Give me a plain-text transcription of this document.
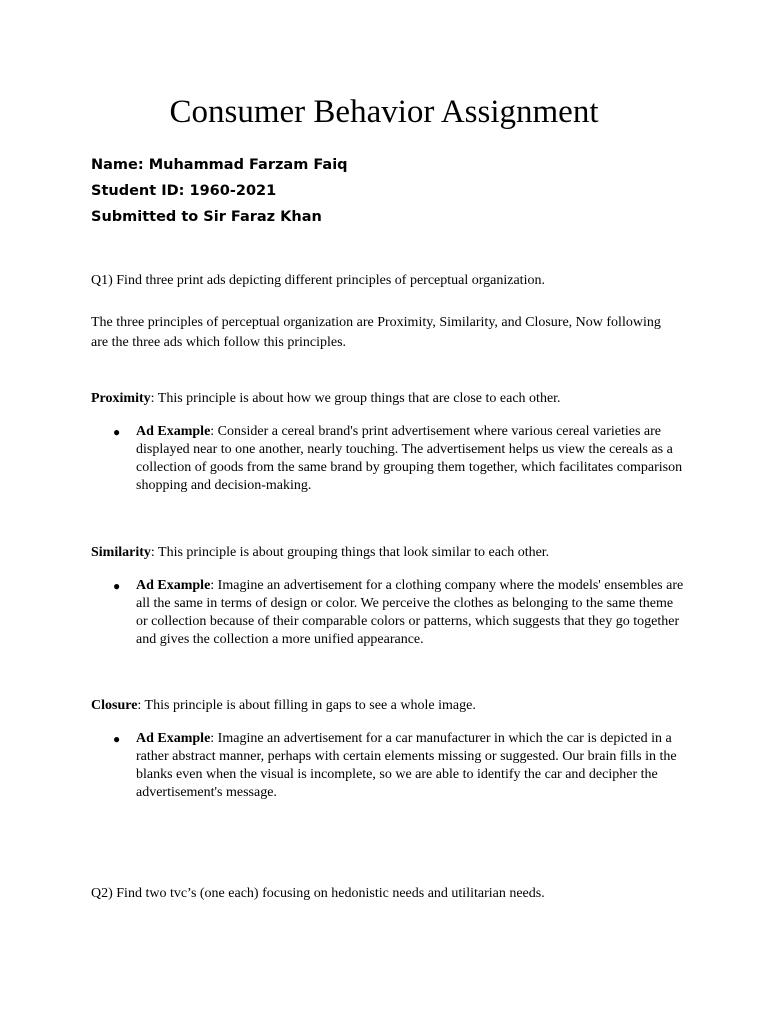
Consumer Behavior Assignment
Name: Muhammad Farzam Faiq
Student ID: 1960-2021
Submitted to Sir Faraz Khan
Q1) Find three print ads depicting different principles of perceptual organization.
The three principles of perceptual organization are Proximity, Similarity, and Closure, Now following are the three ads which follow this principles.
Proximity: This principle is about how we group things that are close to each other.
● Ad Example: Consider a cereal brand's print advertisement where various cereal varieties are displayed near to one another, nearly touching. The advertisement helps us view the cereals as a collection of goods from the same brand by grouping them together, which facilitates comparison shopping and decision-making.
Similarity: This principle is about grouping things that look similar to each other.
● Ad Example: Imagine an advertisement for a clothing company where the models' ensembles are all the same in terms of design or color. We perceive the clothes as belonging to the same theme or collection because of their comparable colors or patterns, which suggests that they go together and gives the collection a more unified appearance.
Closure: This principle is about filling in gaps to see a whole image.
● Ad Example: Imagine an advertisement for a car manufacturer in which the car is depicted in a rather abstract manner, perhaps with certain elements missing or suggested. Our brain fills in the blanks even when the visual is incomplete, so we are able to identify the car and decipher the advertisement's message.
Q2) Find two tvc’s (one each) focusing on hedonistic needs and utilitarian needs.
